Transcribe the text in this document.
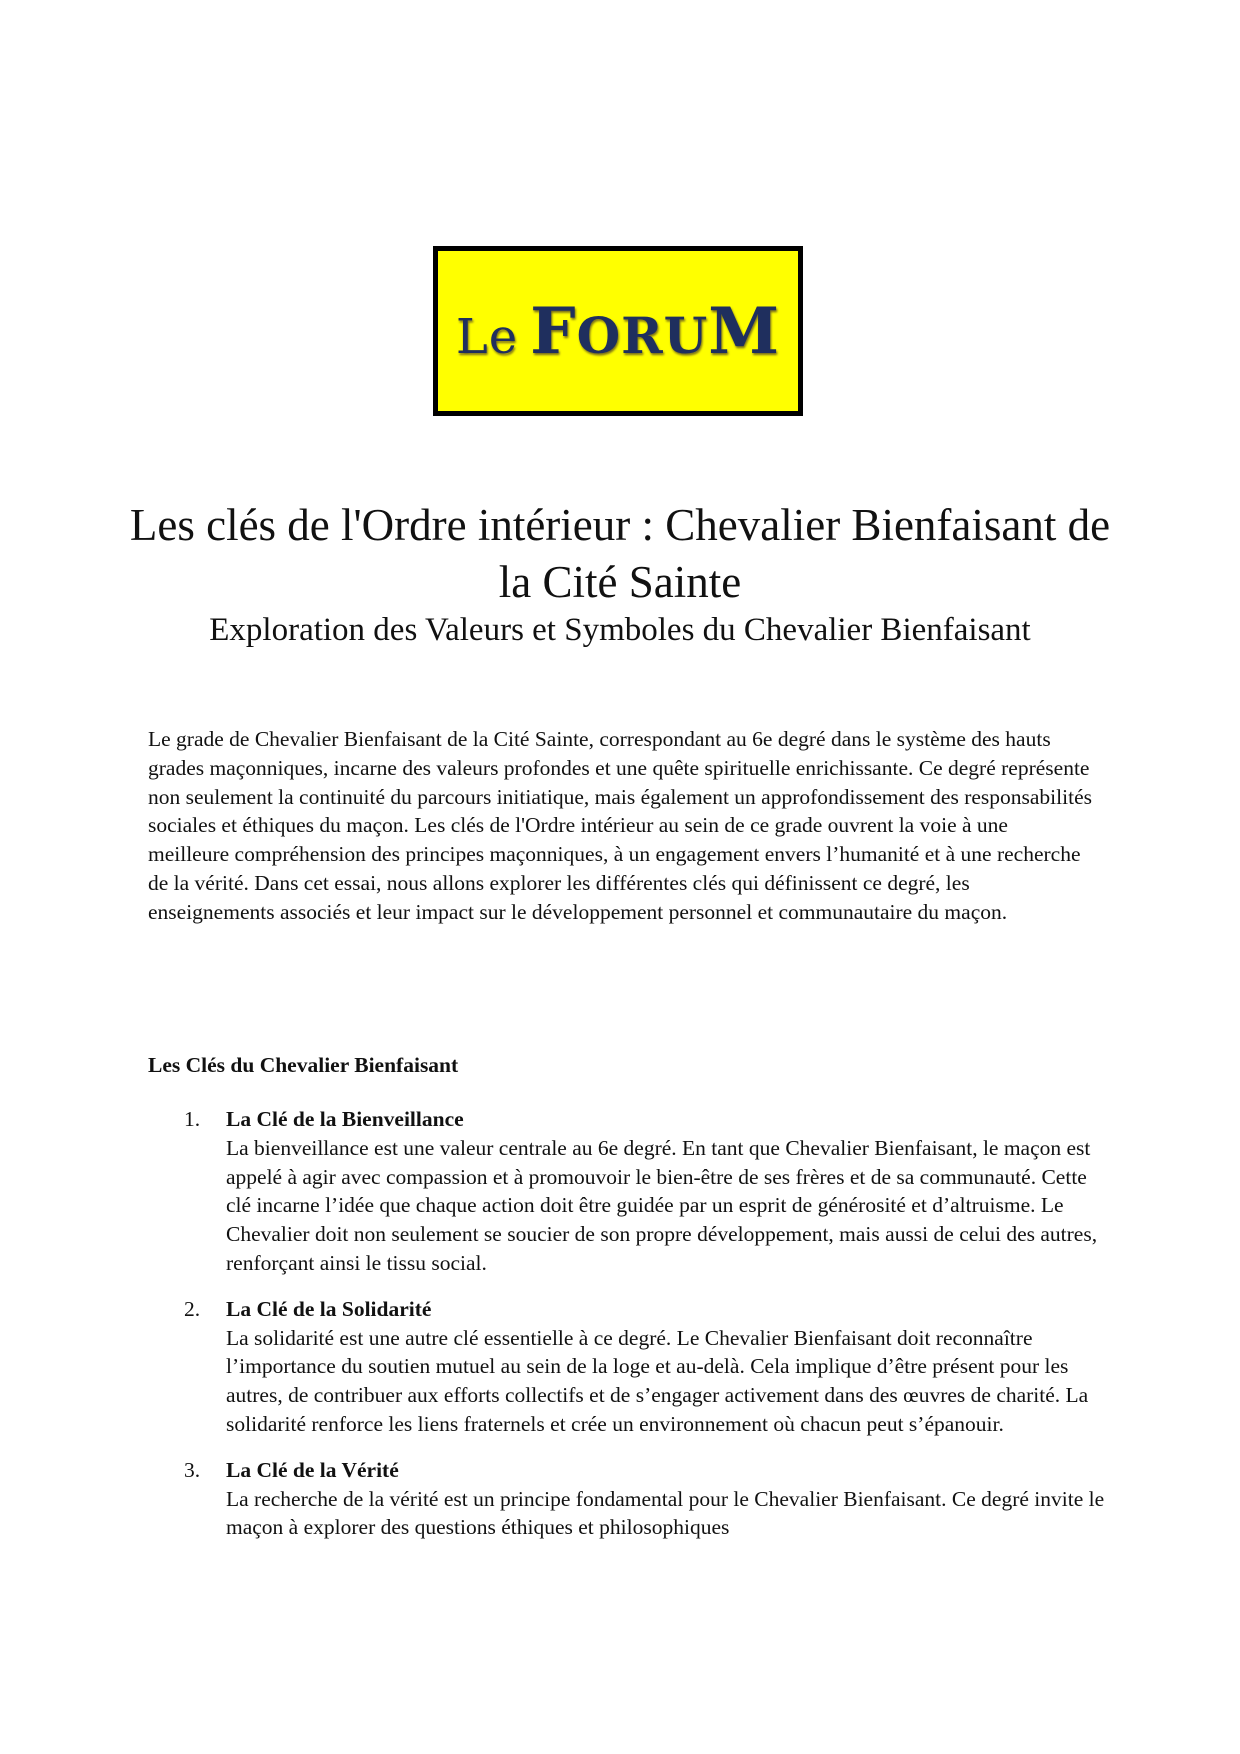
Le FORUM
Les clés de l'Ordre intérieur : Chevalier Bienfaisant de la Cité Sainte
Exploration des Valeurs et Symboles du Chevalier Bienfaisant

Le grade de Chevalier Bienfaisant de la Cité Sainte, correspondant au 6e degré dans le système des hauts grades maçonniques, incarne des valeurs profondes et une quête spirituelle enrichissante. Ce degré représente non seulement la continuité du parcours initiatique, mais également un approfondissement des responsabilités sociales et éthiques du maçon. Les clés de l'Ordre intérieur au sein de ce grade ouvrent la voie à une meilleure compréhension des principes maçonniques, à un engagement envers l’humanité et à une recherche de la vérité. Dans cet essai, nous allons explorer les différentes clés qui définissent ce degré, les enseignements associés et leur impact sur le développement personnel et communautaire du maçon.

Les Clés du Chevalier Bienfaisant
1. La Clé de la Bienveillance

La bienveillance est une valeur centrale au 6e degré. En tant que Chevalier Bienfaisant, le maçon est appelé à agir avec compassion et à promouvoir le bien-être de ses frères et de sa communauté. Cette clé incarne l’idée que chaque action doit être guidée par un esprit de générosité et d’altruisme. Le Chevalier doit non seulement se soucier de son propre développement, mais aussi de celui des autres, renforçant ainsi le tissu social.

2. La Clé de la Solidarité

La solidarité est une autre clé essentielle à ce degré. Le Chevalier Bienfaisant doit reconnaître l’importance du soutien mutuel au sein de la loge et au-delà. Cela implique d’être présent pour les autres, de contribuer aux efforts collectifs et de s’engager activement dans des œuvres de charité. La solidarité renforce les liens fraternels et crée un environnement où chacun peut s’épanouir.

3. La Clé de la Vérité

La recherche de la vérité est un principe fondamental pour le Chevalier Bienfaisant. Ce degré invite le maçon à explorer des questions éthiques et philosophiques
